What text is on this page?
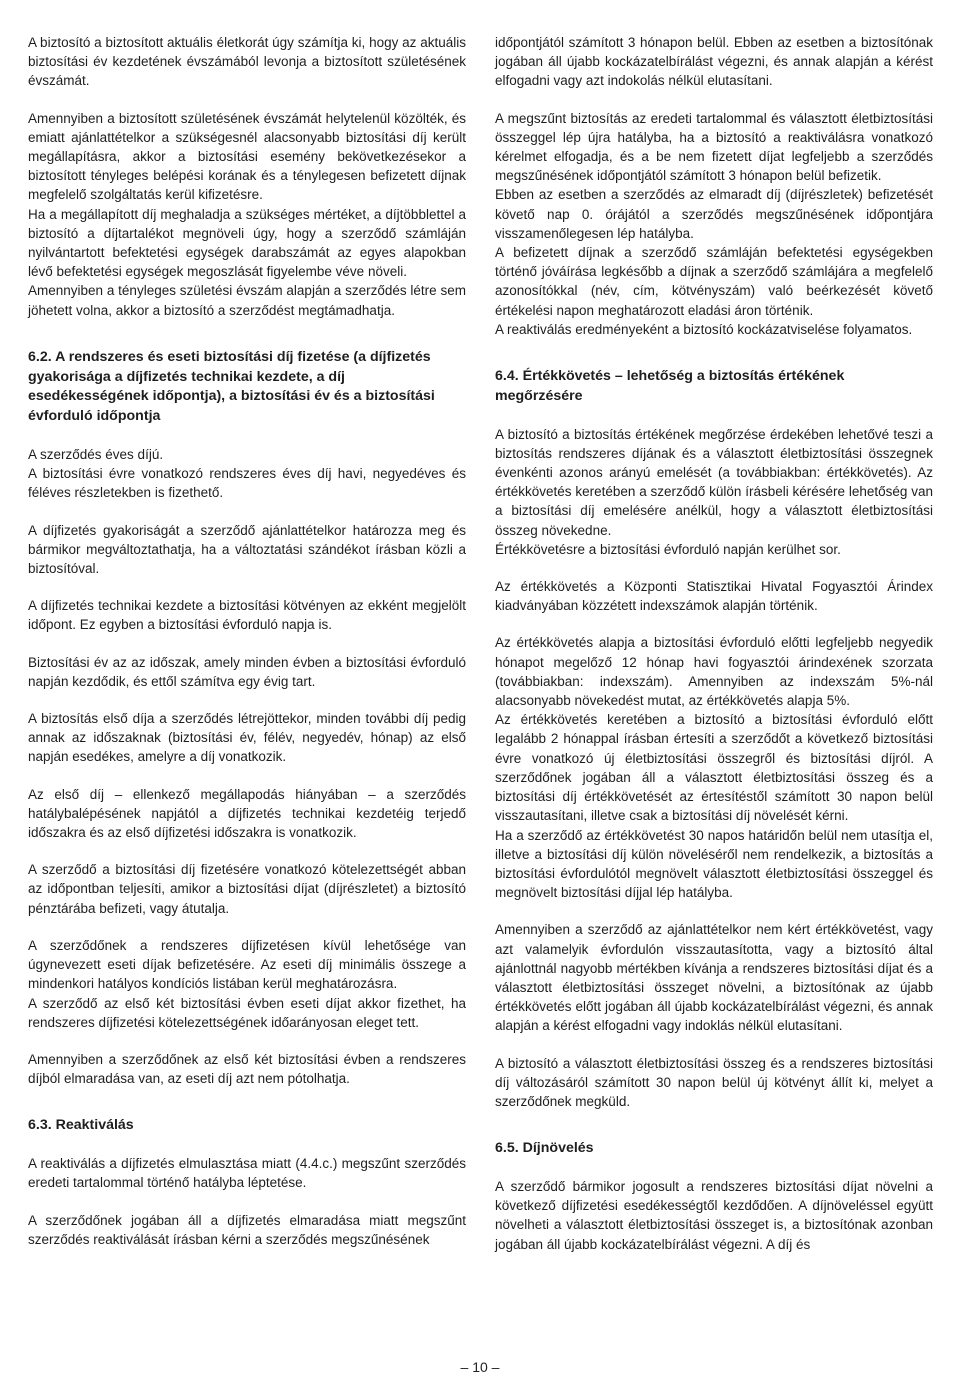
A biztosító a biztosított aktuális életkorát úgy számítja ki, hogy az aktuális biztosítási év kezdetének évszámából levonja a biztosított születésének évszámát.

Amennyiben a biztosított születésének évszámát helytelenül közölték, és emiatt ajánlattételkor a szükségesnél alacsonyabb biztosítási díj került megállapításra, akkor a biztosítási esemény bekövetkezésekor a biztosított tényleges belépési korának és a ténylegesen befizetett díjnak megfelelő szolgáltatás kerül kifizetésre.

Ha a megállapított díj meghaladja a szükséges mértéket, a díjtöbblettel a biztosító a díjtartalékot megnöveli úgy, hogy a szerződő számláján nyilvántartott befektetési egységek darabszámát az egyes alapokban lévő befektetési egységek megoszlását figyelembe véve növeli.

Amennyiben a tényleges születési évszám alapján a szerződés létre sem jöhetett volna, akkor a biztosító a szerződést megtámadhatja.

6.2. A rendszeres és eseti biztosítási díj fizetése (a díjfizetés gyakorisága a díjfizetés technikai kezdete, a díj esedékességének időpontja), a biztosítási év és a biztosítási évforduló időpontja

A szerződés éves díjú.

A biztosítási évre vonatkozó rendszeres éves díj havi, negyedéves és féléves részletekben is fizethető.

A díjfizetés gyakoriságát a szerződő ajánlattételkor határozza meg és bármikor megváltoztathatja, ha a változtatási szándékot írásban közli a biztosítóval.

A díjfizetés technikai kezdete a biztosítási kötvényen az ekként megjelölt időpont. Ez egyben a biztosítási évforduló napja is.

Biztosítási év az az időszak, amely minden évben a biztosítási évforduló napján kezdődik, és ettől számítva egy évig tart.

A biztosítás első díja a szerződés létrejöttekor, minden további díj pedig annak az időszaknak (biztosítási év, félév, negyedév, hónap) az első napján esedékes, amelyre a díj vonatkozik.

Az első díj – ellenkező megállapodás hiányában – a szerződés hatálybalépésének napjától a díjfizetés technikai kezdetéig terjedő időszakra és az első díjfizetési időszakra is vonatkozik.

A szerződő a biztosítási díj fizetésére vonatkozó kötelezettségét abban az időpontban teljesíti, amikor a biztosítási díjat (díjrészletet) a biztosító pénztárába befizeti, vagy átutalja.

A szerződőnek a rendszeres díjfizetésen kívül lehetősége van úgynevezett eseti díjak befizetésére. Az eseti díj minimális összege a mindenkori hatályos kondíciós listában kerül meghatározásra.

A szerződő az első két biztosítási évben eseti díjat akkor fizethet, ha rendszeres díjfizetési kötelezettségének időarányosan eleget tett.

Amennyiben a szerződőnek az első két biztosítási évben a rendszeres díjból elmaradása van, az eseti díj azt nem pótolhatja.

6.3. Reaktiválás

A reaktiválás a díjfizetés elmulasztása miatt (4.4.c.) megszűnt szerződés eredeti tartalommal történő hatályba léptetése.

A szerződőnek jogában áll a díjfizetés elmaradása miatt megszűnt szerződés reaktiválását írásban kérni a szerződés megszűnésének

időpontjától számított 3 hónapon belül. Ebben az esetben a biztosítónak jogában áll újabb kockázatelbírálást végezni, és annak alapján a kérést elfogadni vagy azt indokolás nélkül elutasítani.

A megszűnt biztosítás az eredeti tartalommal és választott életbiztosítási összeggel lép újra hatályba, ha a biztosító a reaktiválásra vonatkozó kérelmet elfogadja, és a be nem fizetett díjat legfeljebb a szerződés megszűnésének időpontjától számított 3 hónapon belül befizetik.

Ebben az esetben a szerződés az elmaradt díj (díjrészletek) befizetését követő nap 0. órájától a szerződés megszűnésének időpontjára visszamenőlegesen lép hatályba.

A befizetett díjnak a szerződő számláján befektetési egységekben történő jóváírása legkésőbb a díjnak a szerződő számlájára a megfelelő azonosítókkal (név, cím, kötvényszám) való beérkezését követő értékelési napon meghatározott eladási áron történik.

A reaktiválás eredményeként a biztosító kockázatviselése folyamatos.

6.4. Értékkövetés – lehetőség a biztosítás értékének megőrzésére

A biztosító a biztosítás értékének megőrzése érdekében lehetővé teszi a biztosítás rendszeres díjának és a választott életbiztosítási összegnek évenkénti azonos arányú emelését (a továbbiakban: értékkövetés). Az értékkövetés keretében a szerződő külön írásbeli kérésére lehetőség van a biztosítási díj emelésére anélkül, hogy a választott életbiztosítási összeg növekedne.

Értékkövetésre a biztosítási évforduló napján kerülhet sor.

Az értékkövetés a Központi Statisztikai Hivatal Fogyasztói Árindex kiadványában közzétett indexszámok alapján történik.

Az értékkövetés alapja a biztosítási évforduló előtti legfeljebb negyedik hónapot megelőző 12 hónap havi fogyasztói árindexének szorzata (továbbiakban: indexszám). Amennyiben az indexszám 5%-nál alacsonyabb növekedést mutat, az értékkövetés alapja 5%.

Az értékkövetés keretében a biztosító a biztosítási évforduló előtt legalább 2 hónappal írásban értesíti a szerződőt a következő biztosítási évre vonatkozó új életbiztosítási összegről és biztosítási díjról. A szerződőnek jogában áll a választott életbiztosítási összeg és a biztosítási díj értékkövetését az értesítéstől számított 30 napon belül visszautasítani, illetve csak a biztosítási díj növelését kérni.

Ha a szerződő az értékkövetést 30 napos határidőn belül nem utasítja el, illetve a biztosítási díj külön növeléséről nem rendelkezik, a biztosítás a biztosítási évfordulótól megnövelt választott életbiztosítási összeggel és megnövelt biztosítási díjjal lép hatályba.

Amennyiben a szerződő az ajánlattételkor nem kért értékkövetést, vagy azt valamelyik évfordulón visszautasította, vagy a biztosító által ajánlottnál nagyobb mértékben kívánja a rendszeres biztosítási díjat és a választott életbiztosítási összeget növelni, a biztosítónak az újabb értékkövetés előtt jogában áll újabb kockázatelbírálást végezni, és annak alapján a kérést elfogadni vagy indoklás nélkül elutasítani.

A biztosító a választott életbiztosítási összeg és a rendszeres biztosítási díj változásáról számított 30 napon belül új kötvényt állít ki, melyet a szerződőnek megküld.

6.5. Díjnövelés

A szerződő bármikor jogosult a rendszeres biztosítási díjat növelni a következő díjfizetési esedékességtől kezdődően. A díjnöveléssel együtt növelheti a választott életbiztosítási összeget is, a biztosítónak azonban jogában áll újabb kockázatelbírálást végezni. A díj és

– 10 –
